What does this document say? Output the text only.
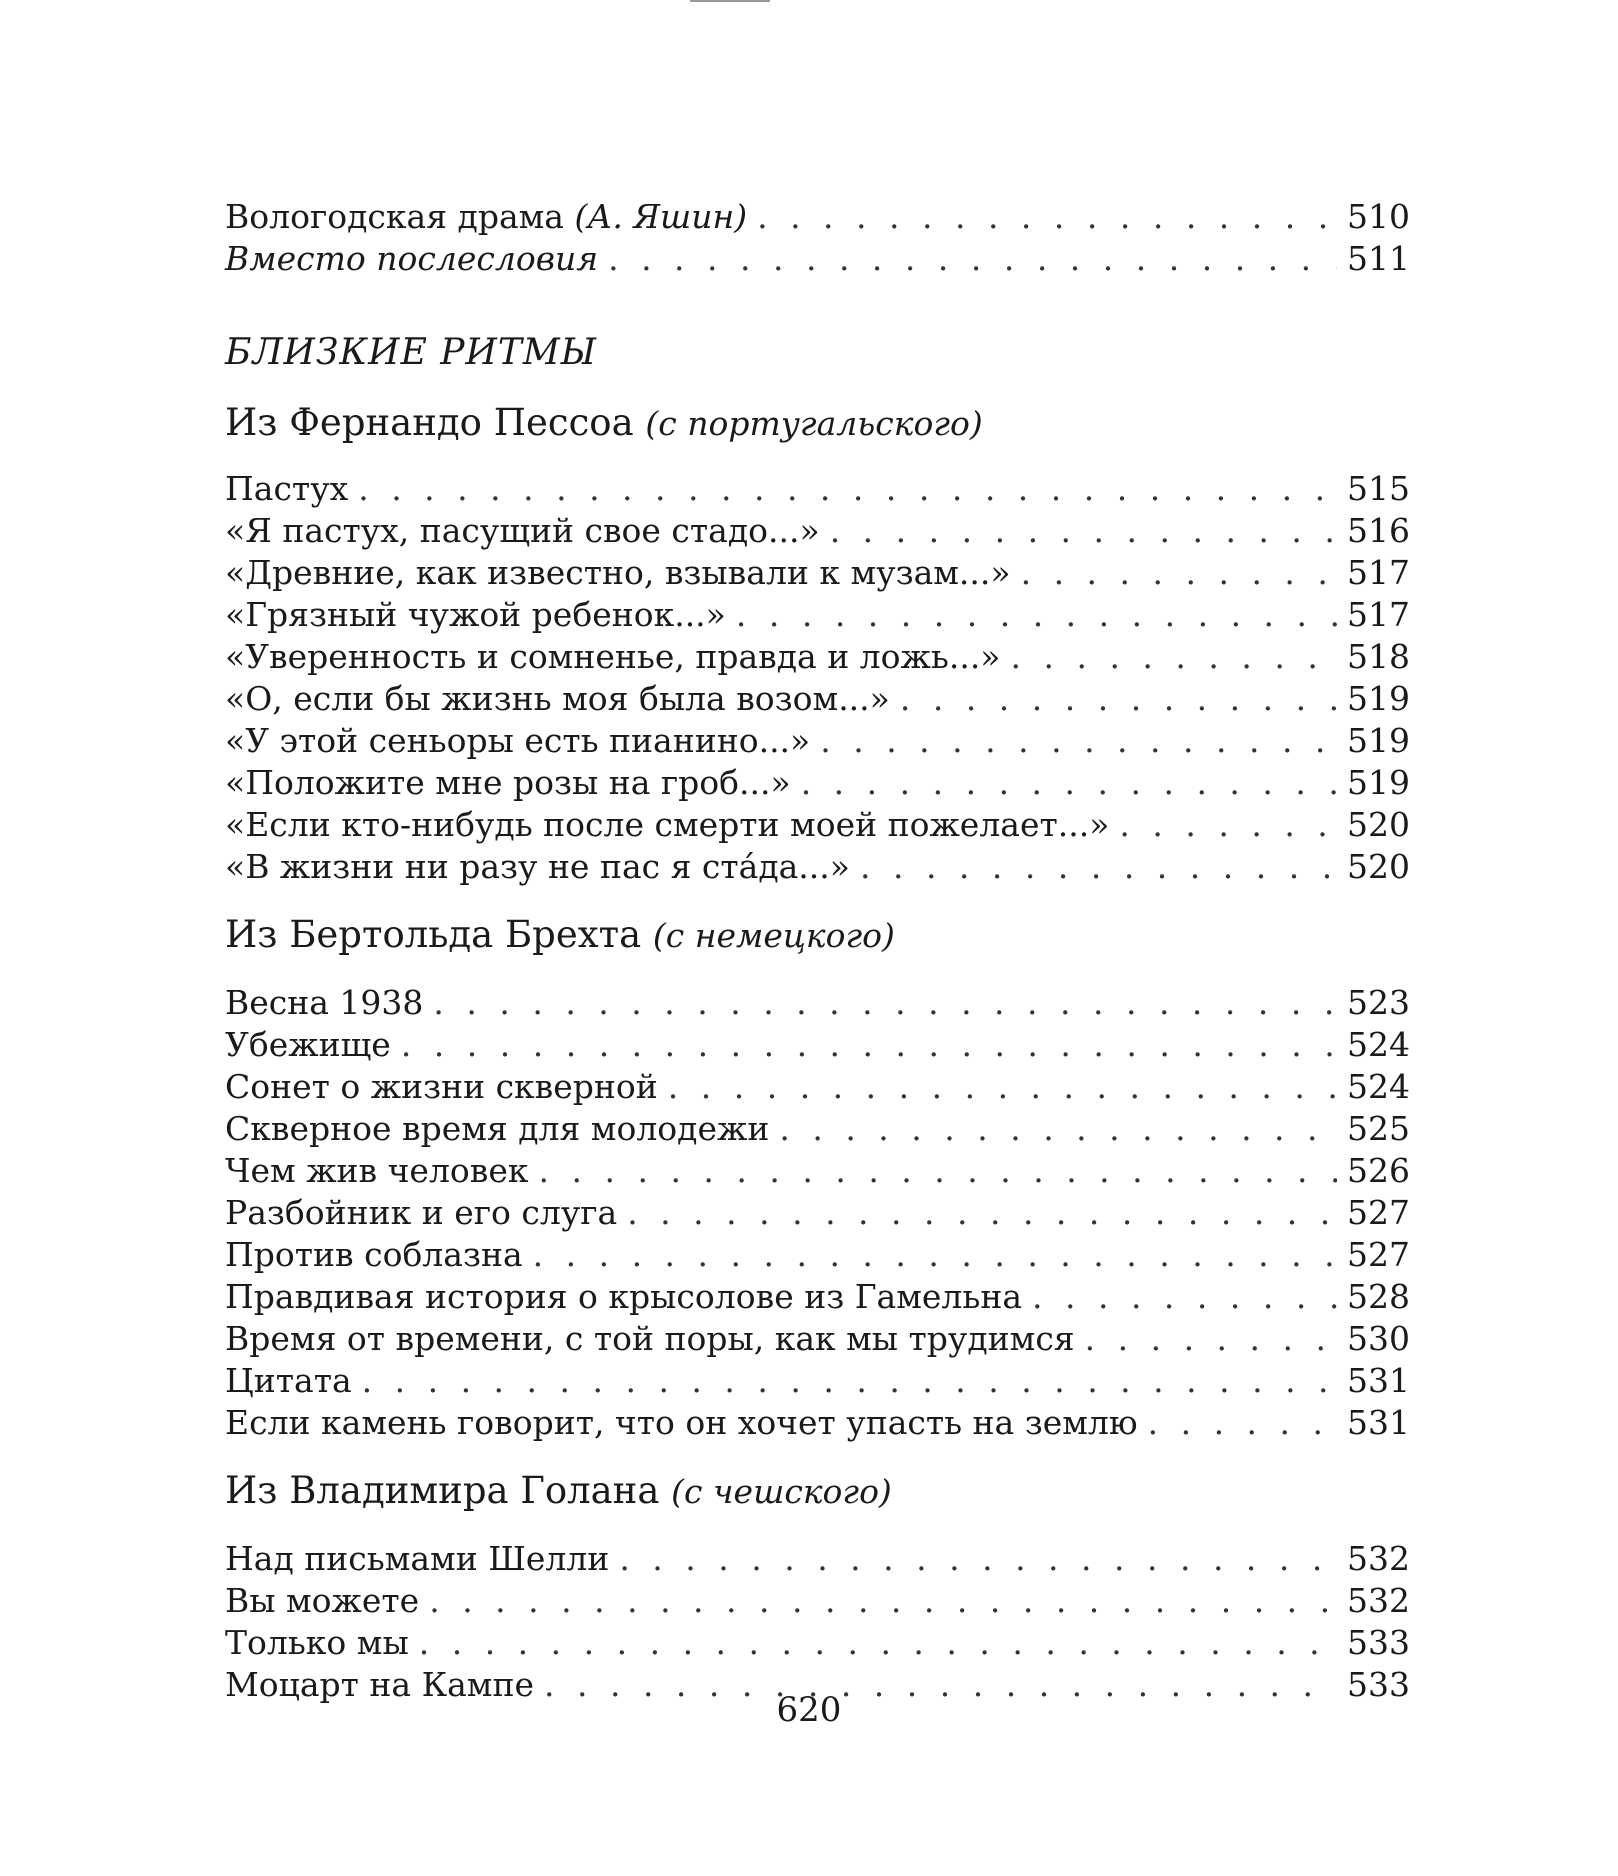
Вологодская драма (А. Яшин) . . .	510
Вместо послесловия . . .	511
БЛИЗКИЕ РИТМЫ
Из Фернандо Пессоа (с португальского)
Пастух . . .	515
«Я пастух, пасущий свое стадо...» . . .	516
«Древние, как известно, взывали к музам...» . . .	517
«Грязный чужой ребенок...» . . .	517
«Уверенность и сомненье, правда и ложь...» . . .	518
«О, если бы жизнь моя была возом...» . . .	519
«У этой сеньоры есть пианино...» . . .	519
«Положите мне розы на гроб...» . . .	519
«Если кто-нибудь после смерти моей пожелает...» . . .	520
«В жизни ни разу не пас я ста́да...» . . .	520
Из Бертольда Брехта (с немецкого)
Весна 1938 . . .	523
Убежище . . .	524
Сонет о жизни скверной . . .	524
Скверное время для молодежи . . .	525
Чем жив человек . . .	526
Разбойник и его слуга . . .	527
Против соблазна . . .	527
Правдивая история о крысолове из Гамельна . . .	528
Время от времени, с той поры, как мы трудимся . . .	530
Цитата . . .	531
Если камень говорит, что он хочет упасть на землю . . .	531
Из Владимира Голана (с чешского)
Над письмами Шелли . . .	532
Вы можете . . .	532
Только мы . . .	533
Моцарт на Кампе . . .	533
620
